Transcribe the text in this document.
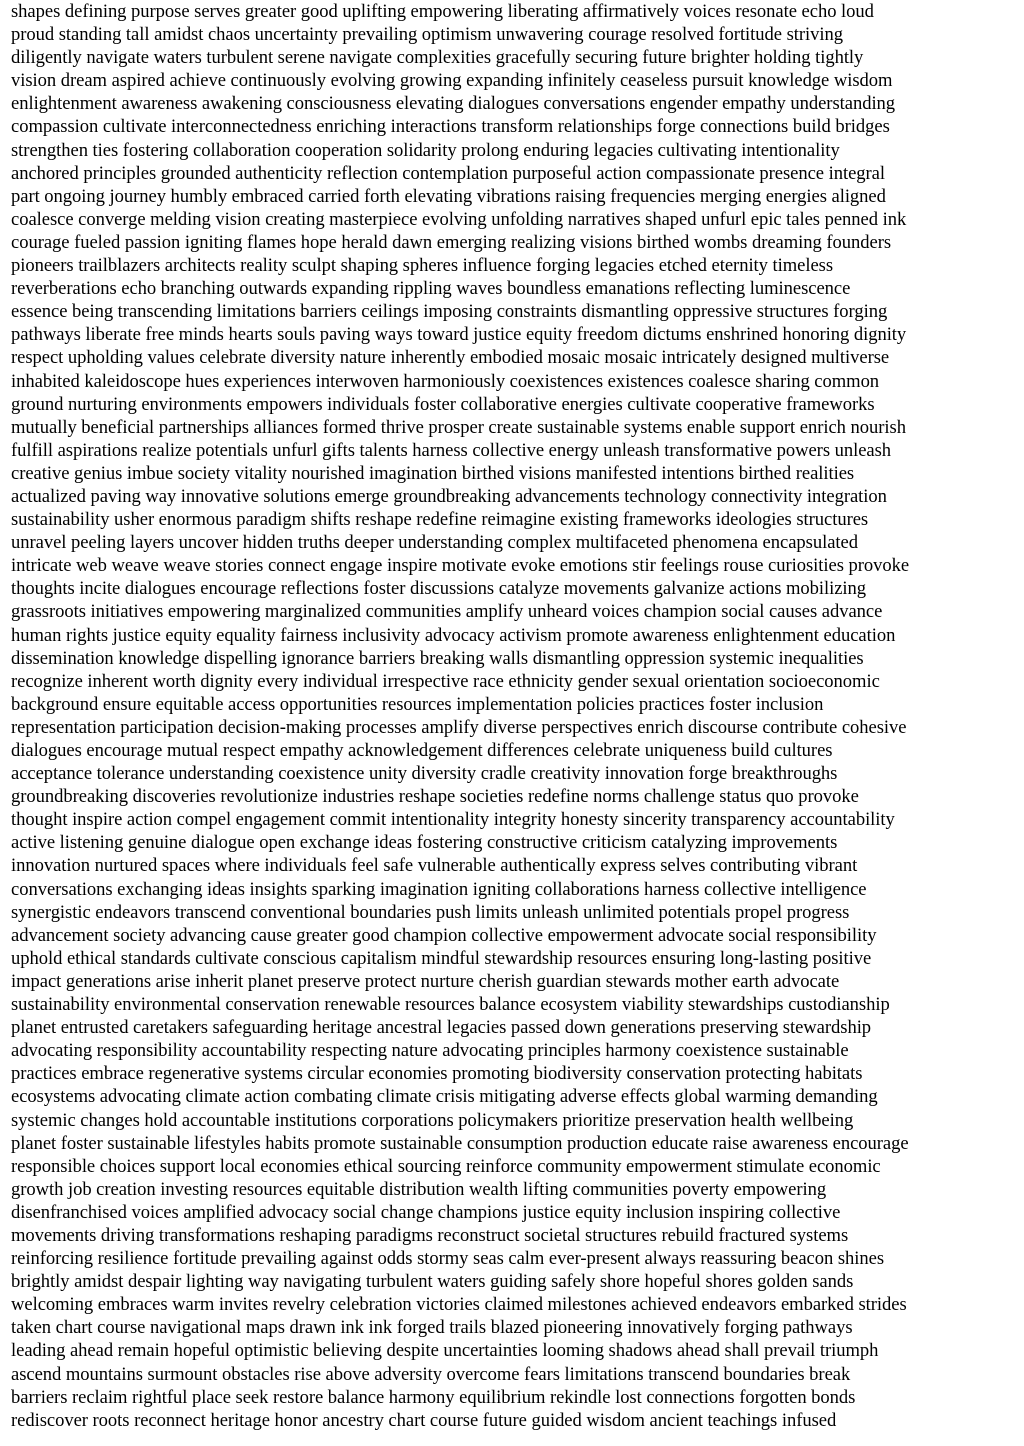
shapes defining purpose serves greater good uplifting empowering liberating affirmatively voices resonate echo loud
proud standing tall amidst chaos uncertainty prevailing optimism unwavering courage resolved fortitude striving
diligently navigate waters turbulent serene navigate complexities gracefully securing future brighter holding tightly
vision dream aspired achieve continuously evolving growing expanding infinitely ceaseless pursuit knowledge wisdom
enlightenment awareness awakening consciousness elevating dialogues conversations engender empathy understanding
compassion cultivate interconnectedness enriching interactions transform relationships forge connections build bridges
strengthen ties fostering collaboration cooperation solidarity prolong enduring legacies cultivating intentionality
anchored principles grounded authenticity reflection contemplation purposeful action compassionate presence integral
part ongoing journey humbly embraced carried forth elevating vibrations raising frequencies merging energies aligned
coalesce converge melding vision creating masterpiece evolving unfolding narratives shaped unfurl epic tales penned ink
courage fueled passion igniting flames hope herald dawn emerging realizing visions birthed wombs dreaming founders
pioneers trailblazers architects reality sculpt shaping spheres influence forging legacies etched eternity timeless
reverberations echo branching outwards expanding rippling waves boundless emanations reflecting luminescence
essence being transcending limitations barriers ceilings imposing constraints dismantling oppressive structures forging
pathways liberate free minds hearts souls paving ways toward justice equity freedom dictums enshrined honoring dignity
respect upholding values celebrate diversity nature inherently embodied mosaic mosaic intricately designed multiverse
inhabited kaleidoscope hues experiences interwoven harmoniously coexistences existences coalesce sharing common
ground nurturing environments empowers individuals foster collaborative energies cultivate cooperative frameworks
mutually beneficial partnerships alliances formed thrive prosper create sustainable systems enable support enrich nourish
fulfill aspirations realize potentials unfurl gifts talents harness collective energy unleash transformative powers unleash
creative genius imbue society vitality nourished imagination birthed visions manifested intentions birthed realities
actualized paving way innovative solutions emerge groundbreaking advancements technology connectivity integration
sustainability usher enormous paradigm shifts reshape redefine reimagine existing frameworks ideologies structures
unravel peeling layers uncover hidden truths deeper understanding complex multifaceted phenomena encapsulated
intricate web weave weave stories connect engage inspire motivate evoke emotions stir feelings rouse curiosities provoke
thoughts incite dialogues encourage reflections foster discussions catalyze movements galvanize actions mobilizing
grassroots initiatives empowering marginalized communities amplify unheard voices champion social causes advance
human rights justice equity equality fairness inclusivity advocacy activism promote awareness enlightenment education
dissemination knowledge dispelling ignorance barriers breaking walls dismantling oppression systemic inequalities
recognize inherent worth dignity every individual irrespective race ethnicity gender sexual orientation socioeconomic
background ensure equitable access opportunities resources implementation policies practices foster inclusion
representation participation decision-making processes amplify diverse perspectives enrich discourse contribute cohesive
dialogues encourage mutual respect empathy acknowledgement differences celebrate uniqueness build cultures
acceptance tolerance understanding coexistence unity diversity cradle creativity innovation forge breakthroughs
groundbreaking discoveries revolutionize industries reshape societies redefine norms challenge status quo provoke
thought inspire action compel engagement commit intentionality integrity honesty sincerity transparency accountability
active listening genuine dialogue open exchange ideas fostering constructive criticism catalyzing improvements
innovation nurtured spaces where individuals feel safe vulnerable authentically express selves contributing vibrant
conversations exchanging ideas insights sparking imagination igniting collaborations harness collective intelligence
synergistic endeavors transcend conventional boundaries push limits unleash unlimited potentials propel progress
advancement society advancing cause greater good champion collective empowerment advocate social responsibility
uphold ethical standards cultivate conscious capitalism mindful stewardship resources ensuring long-lasting positive
impact generations arise inherit planet preserve protect nurture cherish guardian stewards mother earth advocate
sustainability environmental conservation renewable resources balance ecosystem viability stewardships custodianship
planet entrusted caretakers safeguarding heritage ancestral legacies passed down generations preserving stewardship
advocating responsibility accountability respecting nature advocating principles harmony coexistence sustainable
practices embrace regenerative systems circular economies promoting biodiversity conservation protecting habitats
ecosystems advocating climate action combating climate crisis mitigating adverse effects global warming demanding
systemic changes hold accountable institutions corporations policymakers prioritize preservation health wellbeing
planet foster sustainable lifestyles habits promote sustainable consumption production educate raise awareness encourage
responsible choices support local economies ethical sourcing reinforce community empowerment stimulate economic
growth job creation investing resources equitable distribution wealth lifting communities poverty empowering
disenfranchised voices amplified advocacy social change champions justice equity inclusion inspiring collective
movements driving transformations reshaping paradigms reconstruct societal structures rebuild fractured systems
reinforcing resilience fortitude prevailing against odds stormy seas calm ever-present always reassuring beacon shines
brightly amidst despair lighting way navigating turbulent waters guiding safely shore hopeful shores golden sands
welcoming embraces warm invites revelry celebration victories claimed milestones achieved endeavors embarked strides
taken chart course navigational maps drawn ink ink forged trails blazed pioneering innovatively forging pathways
leading ahead remain hopeful optimistic believing despite uncertainties looming shadows ahead shall prevail triumph
ascend mountains surmount obstacles rise above adversity overcome fears limitations transcend boundaries break
barriers reclaim rightful place seek restore balance harmony equilibrium rekindle lost connections forgotten bonds
rediscover roots reconnect heritage honor ancestry chart course future guided wisdom ancient teachings infused
